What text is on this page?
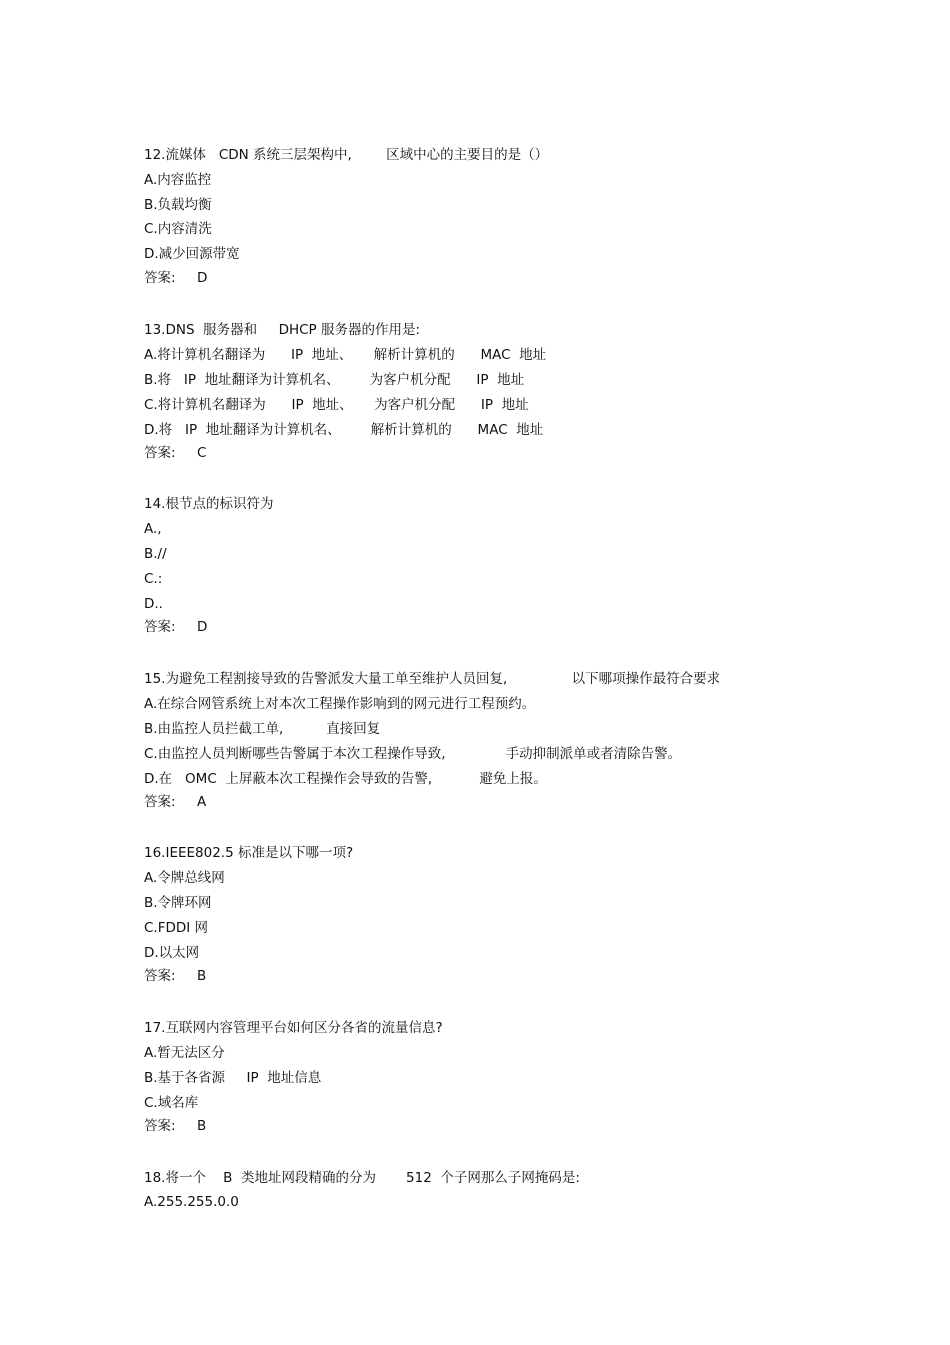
12.流媒体   CDN 系统三层架构中,        区域中心的主要目的是（）
A.内容监控
B.负载均衡
C.内容清洗
D.减少回源带宽
答案:     D
13.DNS  服务器和     DHCP 服务器的作用是:
A.将计算机名翻译为      IP  地址、     解析计算机的      MAC  地址
B.将   IP  地址翻译为计算机名、       为客户机分配      IP  地址
C.将计算机名翻译为      IP  地址、     为客户机分配      IP  地址
D.将   IP  地址翻译为计算机名、       解析计算机的      MAC  地址
答案:     C
14.根节点的标识符为
A.,
B.//
C.:
D..
答案:     D
15.为避免工程割接导致的告警派发大量工单至维护人员回复,               以下哪项操作最符合要求
A.在综合网管系统上对本次工程操作影响到的网元进行工程预约。
B.由监控人员拦截工单,          直接回复
C.由监控人员判断哪些告警属于本次工程操作导致,              手动抑制派单或者清除告警。
D.在   OMC  上屏蔽本次工程操作会导致的告警,           避免上报。
答案:     A
16.IEEE802.5 标准是以下哪一项?
A.令牌总线网
B.令牌环网
C.FDDI 网
D.以太网
答案:     B
17.互联网内容管理平台如何区分各省的流量信息?
A.暂无法区分
B.基于各省源     IP  地址信息
C.域名库
答案:     B
18.将一个    B  类地址网段精确的分为       512  个子网那么子网掩码是:
A.255.255.0.0
